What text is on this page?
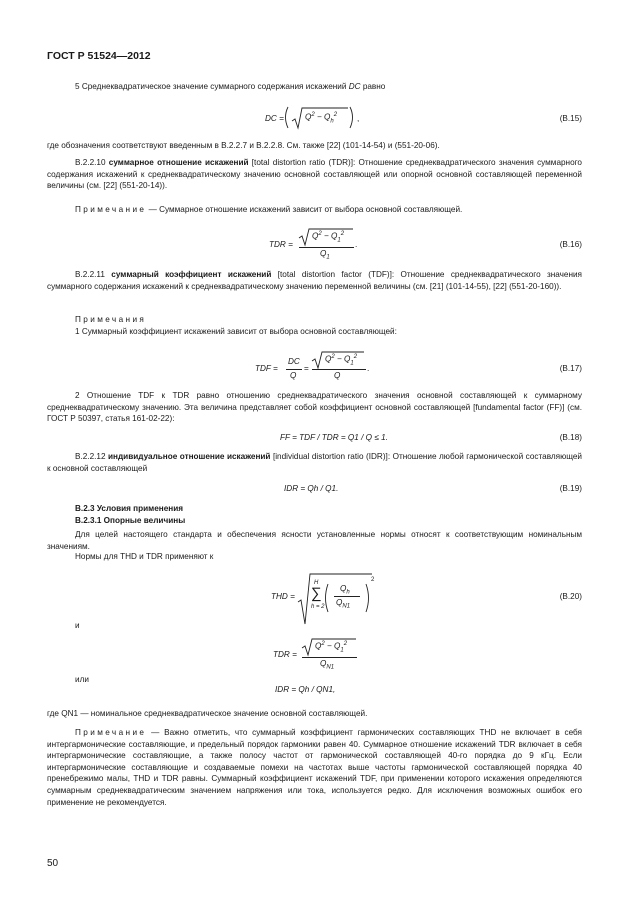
ГОСТ Р 51524—2012
5 Среднеквадратическое значение суммарного содержания искажений DC равно
DC =	$Q^2 - Q_h^2$ ,	(В.15)
где обозначения соответствуют введенным в В.2.2.7 и В.2.2.8. См. также [22] (101-14-54) и (551-20-06).
В.2.2.10 суммарное отношение искажений [total distortion ratio (TDR)]: Отношение среднеквадратического значения суммарного содержания искажений к среднеквадратическому значению основной составляющей или опорной основной составляющей переменной величины (см. [22] (551-20-14)).
Примечание — Суммарное отношение искажений зависит от выбора основной составляющей.
TDR =
$Q^2 - Q_1^2$
$Q_1$
.	(В.16)
В.2.2.11 суммарный коэффициент искажений [total distortion factor (TDF)]: Отношение среднеквадратического значения суммарного содержания искажений к среднеквадратическому значению переменной величины (см. [21] (101-14-55), [22] (551-20-160)).
Примечания
1 Суммарный коэффициент искажений зависит от выбора основной составляющей:
TDF =
DC
Q
=
$Q^2 - Q_1^2$
Q
.	(В.17)
2 Отношение TDF к TDR равно отношению среднеквадратического значения основной составляющей к суммарному среднеквадратическому значению. Эта величина представляет собой коэффициент основной составляющей [fundamental factor (FF)] (см. ГОСТ Р 50397, статья 161-02-22):
FF = TDF / TDR = Q1 / Q ≤ 1.	(В.18)
В.2.2.12 индивидуальное отношение искажений [individual distortion ratio (IDR)]: Отношение любой гармонической составляющей к основной составляющей
IDR = Qh / Q1.	(В.19)
В.2.3 Условия применения
В.2.3.1 Опорные величины
Для целей настоящего стандарта и обеспечения ясности установленные нормы относят к соответствующим номинальным значениям.
Нормы для THD и TDR применяют к
THD =
H
∑
h = 2
$Q_h$
$Q_{N1}$
2
(В.20)
и
TDR =
$Q^2 - Q_1^2$
$Q_{N1}$
или
IDR = Qh / QN1,
где QN1 — номинальное среднеквадратическое значение основной составляющей.
Примечание — Важно отметить, что суммарный коэффициент гармонических составляющих THD не включает в себя интергармонические составляющие, и предельный порядок гармоники равен 40. Суммарное отношение искажений TDR включает в себя интергармонические составляющие, а также полосу частот от гармонической составляющей 40-го порядка до 9 кГц. Если интергармонические составляющие и создаваемые помехи на частотах выше частоты гармонической составляющей порядка 40 пренебрежимо малы, THD и TDR равны. Суммарный коэффициент искажений TDF, при применении которого искажения определяются суммарным среднеквадратическим значением напряжения или тока, используется редко. Для исключения возможных ошибок его применение не рекомендуется.
50
